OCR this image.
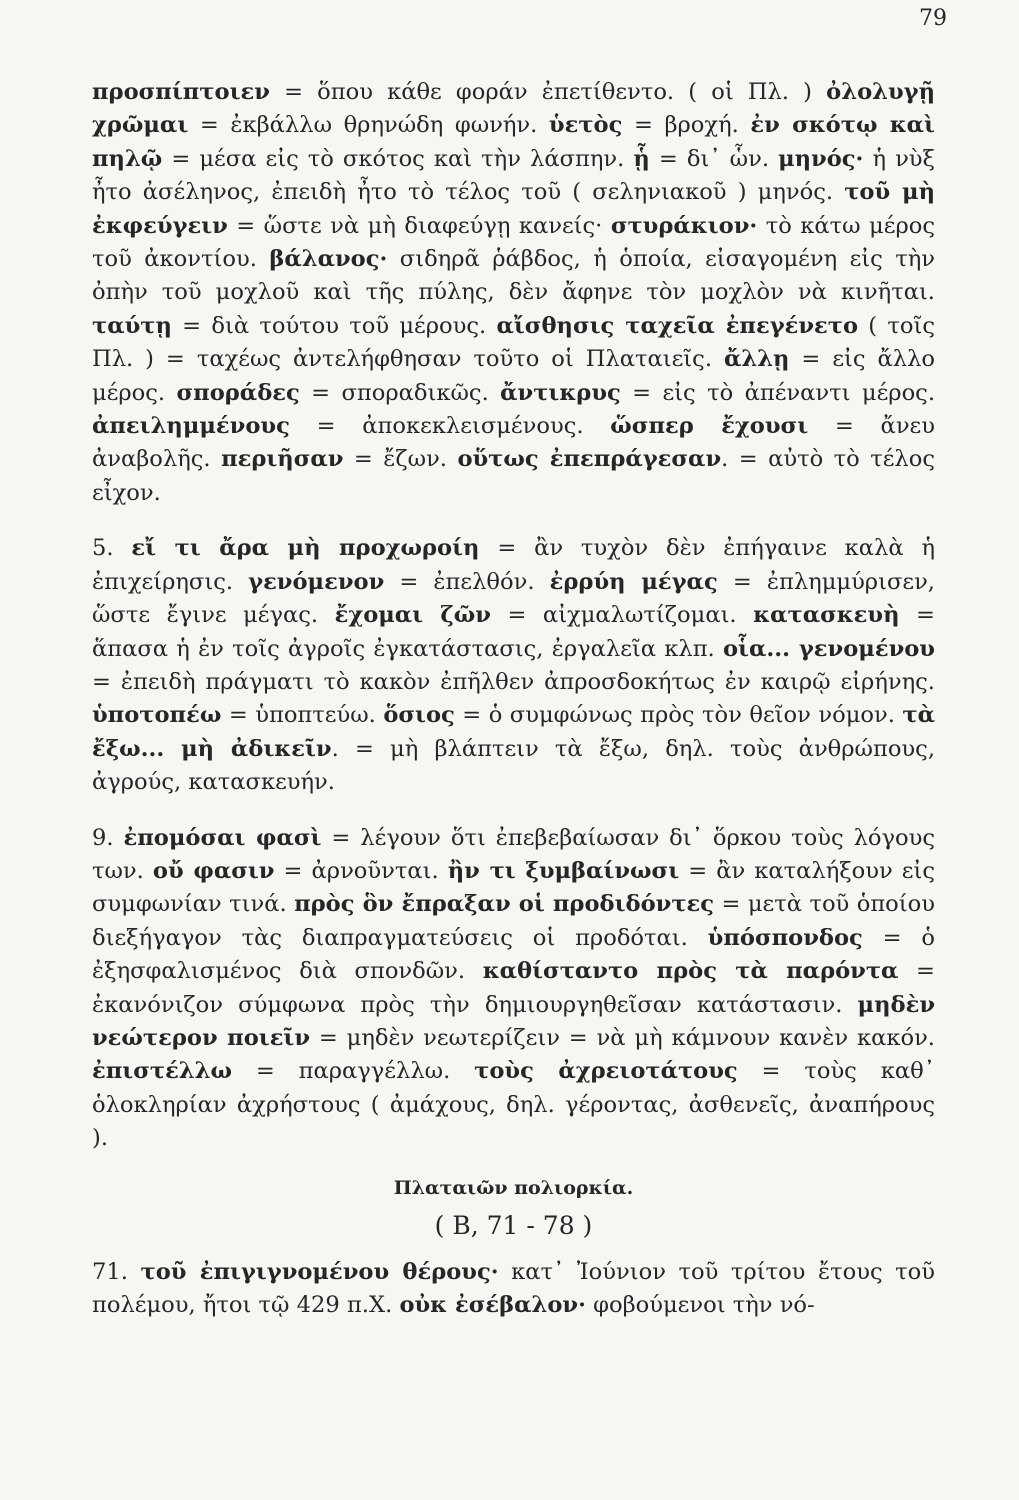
79

προσπίπτοιεν = ὅπου κάθε φοράν ἐπετίθεντο. ( οἱ Πλ. ) ὀλολυγῇ χρῶμαι = ἐκβάλλω θρηνώδη φωνήν. ὑετὸς = βροχή. ἐν σκότῳ καὶ πηλῷ = μέσα εἰς τὸ σκότος καὶ τὴν λάσπην. ᾗ = δι᾽ ὧν. μηνός· ἡ νὺξ ἦτο ἀσέληνος, ἐπειδὴ ἦτο τὸ τέλος τοῦ ( σεληνιακοῦ ) μηνός. τοῦ μὴ ἐκφεύγειν = ὥστε νὰ μὴ διαφεύγῃ κανείς· στυράκιον· τὸ κάτω μέρος τοῦ ἀκοντίου. βάλανος· σιδηρᾶ ῥάβδος, ἡ ὁποία, εἰσαγομένη εἰς τὴν ὀπὴν τοῦ μοχλοῦ καὶ τῆς πύλης, δὲν ἄφηνε τὸν μοχλὸν νὰ κινῆται. ταύτῃ = διὰ τούτου τοῦ μέρους. αἴσθησις ταχεῖα ἐπεγένετο ( τοῖς Πλ. ) = ταχέως ἀντελήφθησαν τοῦτο οἱ Πλαταιεῖς. ἄλλῃ = εἰς ἄλλο μέρος. σποράδες = σποραδικῶς. ἄντικρυς = εἰς τὸ ἀπέναντι μέρος. ἀπειλημμένους = ἀποκεκλεισμένους. ὥσπερ ἔχουσι = ἄνευ ἀναβολῆς. περιῆσαν = ἔζων. οὕτως ἐπεπράγεσαν. = αὐτὸ τὸ τέλος εἶχον.

5. εἴ τι ἄρα μὴ προχωροίη = ἂν τυχὸν δὲν ἐπήγαινε καλὰ ἡ ἐπιχείρησις. γενόμενον = ἐπελθόν. ἐρρύη μέγας = ἐπλημμύρισεν, ὥστε ἔγινε μέγας. ἔχομαι ζῶν = αἰχμαλωτίζομαι. κατασκευὴ = ἅπασα ἡ ἐν τοῖς ἀγροῖς ἐγκατάστασις, ἐργαλεῖα κλπ. οἷα... γενομένου = ἐπειδὴ πράγματι τὸ κακὸν ἐπῆλθεν ἀπροσδοκήτως ἐν καιρῷ εἰρήνης. ὑποτοπέω = ὑποπτεύω. ὅσιος = ὁ συμφώνως πρὸς τὸν θεῖον νόμον. τὰ ἔξω... μὴ ἀδικεῖν. = μὴ βλάπτειν τὰ ἔξω, δηλ. τοὺς ἀνθρώπους, ἀγρούς, κατασκευήν.

9. ἐπομόσαι φασὶ = λέγουν ὅτι ἐπεβεβαίωσαν δι᾽ ὅρκου τοὺς λόγους των. οὔ φασιν = ἀρνοῦνται. ἢν τι ξυμβαίνωσι = ἂν καταλήξουν εἰς συμφωνίαν τινά. πρὸς ὃν ἔπραξαν οἱ προδιδόντες = μετὰ τοῦ ὁποίου διεξήγαγον τὰς διαπραγματεύσεις οἱ προδόται. ὑπόσπονδος = ὁ ἐξησφαλισμένος διὰ σπονδῶν. καθίσταντο πρὸς τὰ παρόντα = ἐκανόνιζον σύμφωνα πρὸς τὴν δημιουργηθεῖσαν κατάστασιν. μηδὲν νεώτερον ποιεῖν = μηδὲν νεωτερίζειν = νὰ μὴ κάμνουν κανὲν κακόν. ἐπιστέλλω = παραγγέλλω. τοὺς ἀχρειοτάτους = τοὺς καθ᾽ ὁλοκληρίαν ἀχρήστους ( ἀμάχους, δηλ. γέροντας, ἀσθενεῖς, ἀναπήρους ).

Πλαταιῶν πολιορκία.
( B, 71 - 78 )

71. τοῦ ἐπιγιγνομένου θέρους· κατ᾽ Ἰούνιον τοῦ τρίτου ἔτους τοῦ πολέμου, ἤτοι τῷ 429 π.Χ. οὐκ ἐσέβαλον· φοβούμενοι τὴν νό-
